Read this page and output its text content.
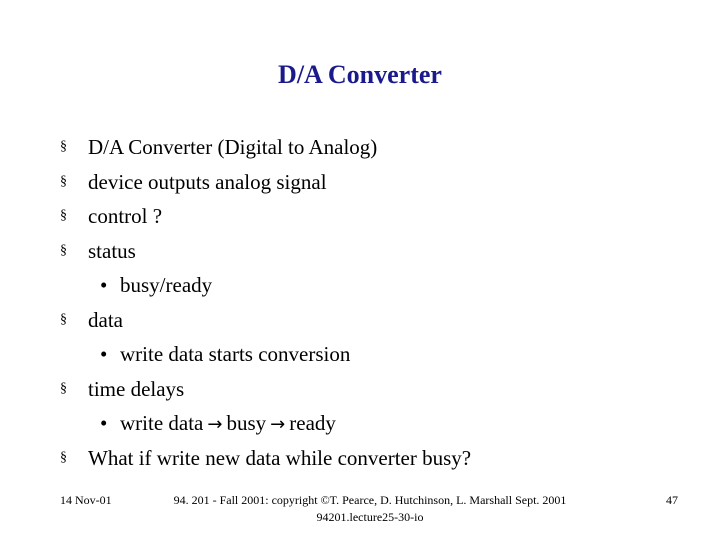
D/A Converter
§ D/A Converter (Digital to Analog)
§ device outputs analog signal
§ control ?
§ status
• busy/ready
§ data
• write data starts conversion
§ time delays
• write data → busy → ready
§ What if write new data while converter busy?
14 Nov-01	94. 201 - Fall 2001: copyright ©T. Pearce, D. Hutchinson, L. Marshall Sept. 2001
94201.lecture25-30-io
47
